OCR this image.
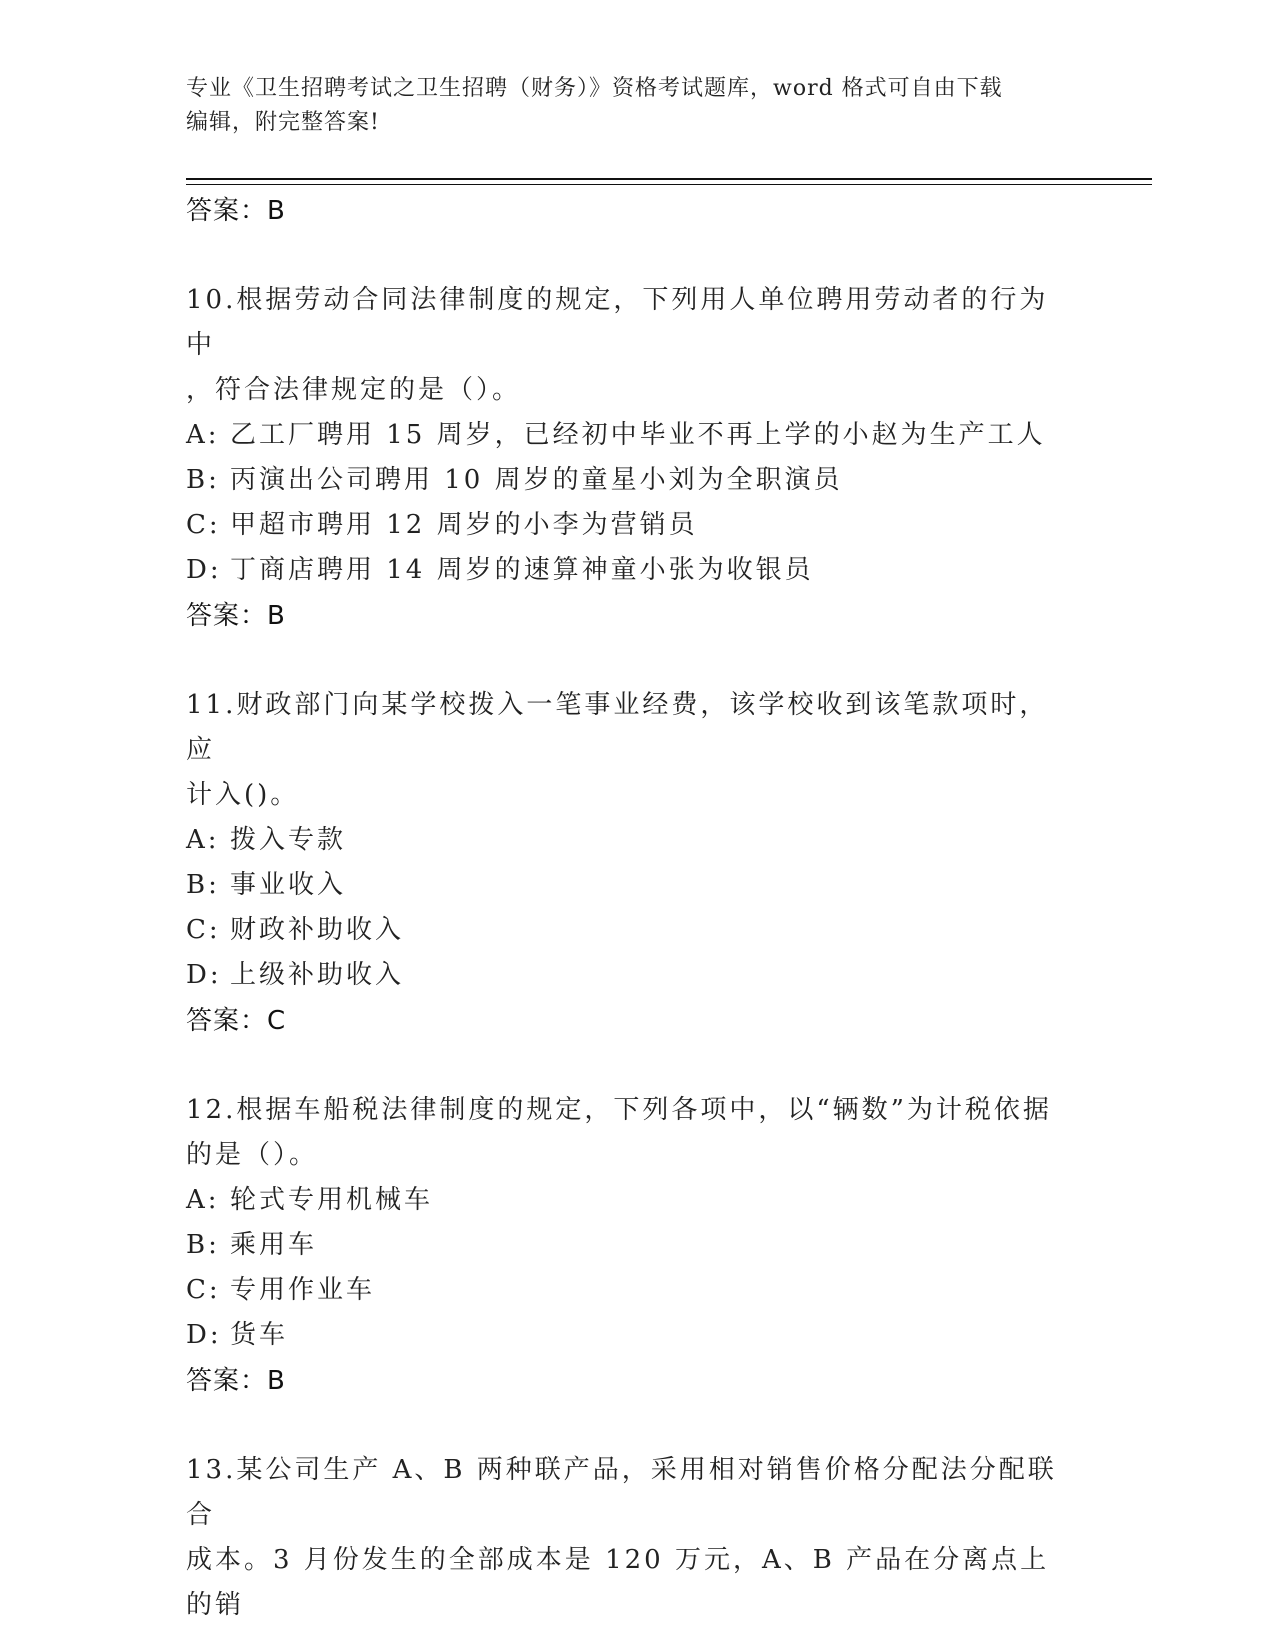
专业《卫生招聘考试之卫生招聘（财务）》资格考试题库，word 格式可自由下载
编辑，附完整答案!
答案：B
10.根据劳动合同法律制度的规定，下列用人单位聘用劳动者的行为中
，符合法律规定的是（）。
A: 乙工厂聘用 15 周岁，已经初中毕业不再上学的小赵为生产工人
B: 丙演出公司聘用 10 周岁的童星小刘为全职演员
C: 甲超市聘用 12 周岁的小李为营销员
D: 丁商店聘用 14 周岁的速算神童小张为收银员
答案：B
11.财政部门向某学校拨入一笔事业经费，该学校收到该笔款项时，应
计入()。
A: 拨入专款
B: 事业收入
C: 财政补助收入
D: 上级补助收入
答案：C
12.根据车船税法律制度的规定，下列各项中，以“辆数”为计税依据
的是（）。
A: 轮式专用机械车
B: 乘用车
C: 专用作业车
D: 货车
答案：B
13.某公司生产 A、B 两种联产品，采用相对销售价格分配法分配联合
成本。3 月份发生的全部成本是 120 万元，A、B 产品在分离点上的销
